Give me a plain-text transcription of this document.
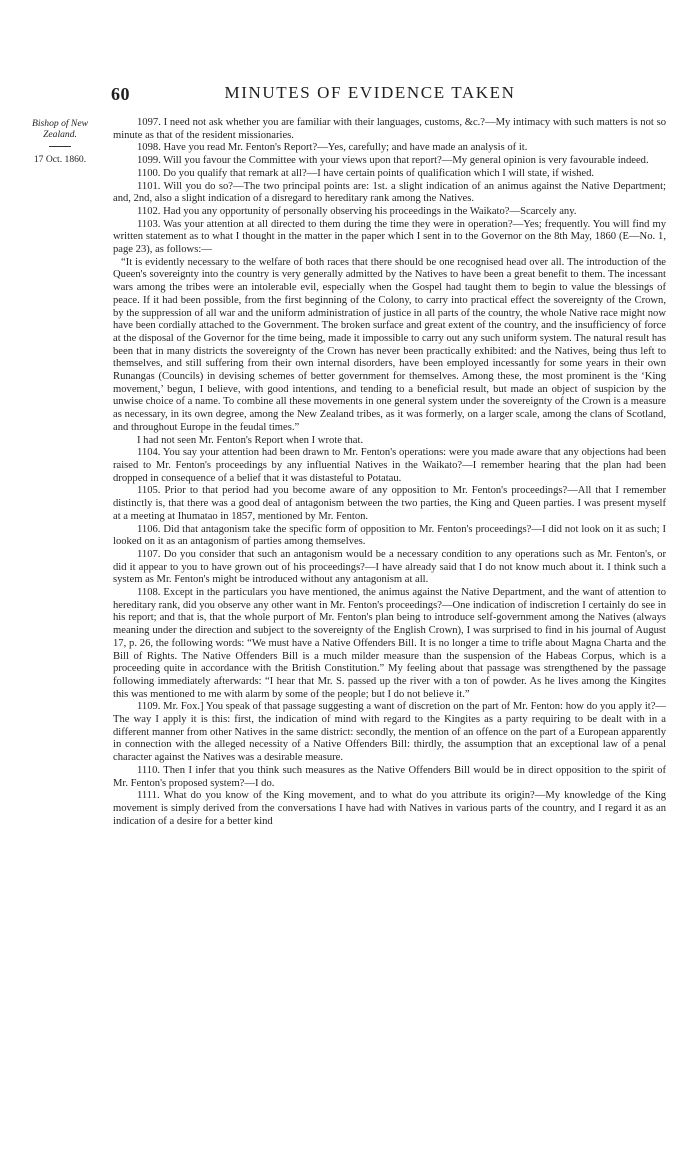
60	MINUTES OF EVIDENCE TAKEN
Bishop of New Zealand.
17 Oct. 1860.

1097. I need not ask whether you are familiar with their languages, customs, &c.?—My intimacy with such matters is not so minute as that of the resident missionaries.

1098. Have you read Mr. Fenton's Report?—Yes, carefully; and have made an analysis of it.

1099. Will you favour the Committee with your views upon that report?—My general opinion is very favourable indeed.

1100. Do you qualify that remark at all?—I have certain points of qualification which I will state, if wished.

1101. Will you do so?—The two principal points are: 1st. a slight indication of an animus against the Native Department; and, 2nd, also a slight indication of a disregard to hereditary rank among the Natives.

1102. Had you any opportunity of personally observing his proceedings in the Waikato?—Scarcely any.

1103. Was your attention at all directed to them during the time they were in operation?—Yes; frequently. You will find my written statement as to what I thought in the matter in the paper which I sent in to the Governor on the 8th May, 1860 (E—No. 1, page 23), as follows:—

“It is evidently necessary to the welfare of both races that there should be one recognised head over all. The introduction of the Queen's sovereignty into the country is very generally admitted by the Natives to have been a great benefit to them. The incessant wars among the tribes were an intolerable evil, especially when the Gospel had taught them to begin to value the blessings of peace. If it had been possible, from the first beginning of the Colony, to carry into practical effect the sovereignty of the Crown, by the suppression of all war and the uniform administration of justice in all parts of the country, the whole Native race might now have been cordially attached to the Government. The broken surface and great extent of the country, and the insufficiency of force at the disposal of the Governor for the time being, made it impossible to carry out any such uniform system. The natural result has been that in many districts the sovereignty of the Crown has never been practically exhibited: and the Natives, being thus left to themselves, and still suffering from their own internal disorders, have been employed incessantly for some years in their own Runangas (Councils) in devising schemes of better government for themselves. Among these, the most prominent is the ‘King movement,’ begun, I believe, with good intentions, and tending to a beneficial result, but made an object of suspicion by the unwise choice of a name. To combine all these movements in one general system under the sovereignty of the Crown is a measure as necessary, in its own degree, among the New Zealand tribes, as it was formerly, on a larger scale, among the clans of Scotland, and throughout Europe in the feudal times.”

I had not seen Mr. Fenton's Report when I wrote that.

1104. You say your attention had been drawn to Mr. Fenton's operations: were you made aware that any objections had been raised to Mr. Fenton's proceedings by any influential Natives in the Waikato?—I remember hearing that the plan had been dropped in consequence of a belief that it was distasteful to Potatau.

1105. Prior to that period had you become aware of any opposition to Mr. Fenton's proceedings?—All that I remember distinctly is, that there was a good deal of antagonism between the two parties, the King and Queen parties. I was present myself at a meeting at Ihumatao in 1857, mentioned by Mr. Fenton.

1106. Did that antagonism take the specific form of opposition to Mr. Fenton's proceedings?—I did not look on it as such; I looked on it as an antagonism of parties among themselves.

1107. Do you consider that such an antagonism would be a necessary condition to any operations such as Mr. Fenton's, or did it appear to you to have grown out of his proceedings?—I have already said that I do not know much about it. I think such a system as Mr. Fenton's might be introduced without any antagonism at all.

1108. Except in the particulars you have mentioned, the animus against the Native Department, and the want of attention to hereditary rank, did you observe any other want in Mr. Fenton's proceedings?—One indication of indiscretion I certainly do see in his report; and that is, that the whole purport of Mr. Fenton's plan being to introduce self-government among the Natives (always meaning under the direction and subject to the sovereignty of the English Crown), I was surprised to find in his journal of August 17, p. 26, the following words: “We must have a Native Offenders Bill. It is no longer a time to trifle about Magna Charta and the Bill of Rights. The Native Offenders Bill is a much milder measure than the suspension of the Habeas Corpus, which is a proceeding quite in accordance with the British Constitution.” My feeling about that passage was strengthened by the passage following immediately afterwards: “I hear that Mr. S. passed up the river with a ton of powder. As he lives among the Kingites this was mentioned to me with alarm by some of the people; but I do not believe it.”

1109. Mr. Fox.] You speak of that passage suggesting a want of discretion on the part of Mr. Fenton: how do you apply it?—The way I apply it is this: first, the indication of mind with regard to the Kingites as a party requiring to be dealt with in a different manner from other Natives in the same district: secondly, the mention of an offence on the part of a European apparently in connection with the alleged necessity of a Native Offenders Bill: thirdly, the assumption that an exceptional law of a penal character against the Natives was a desirable measure.

1110. Then I infer that you think such measures as the Native Offenders Bill would be in direct opposition to the spirit of Mr. Fenton's proposed system?—I do.

1111. What do you know of the King movement, and to what do you attribute its origin?—My knowledge of the King movement is simply derived from the conversations I have had with Natives in various parts of the country, and I regard it as an indication of a desire for a better kind
